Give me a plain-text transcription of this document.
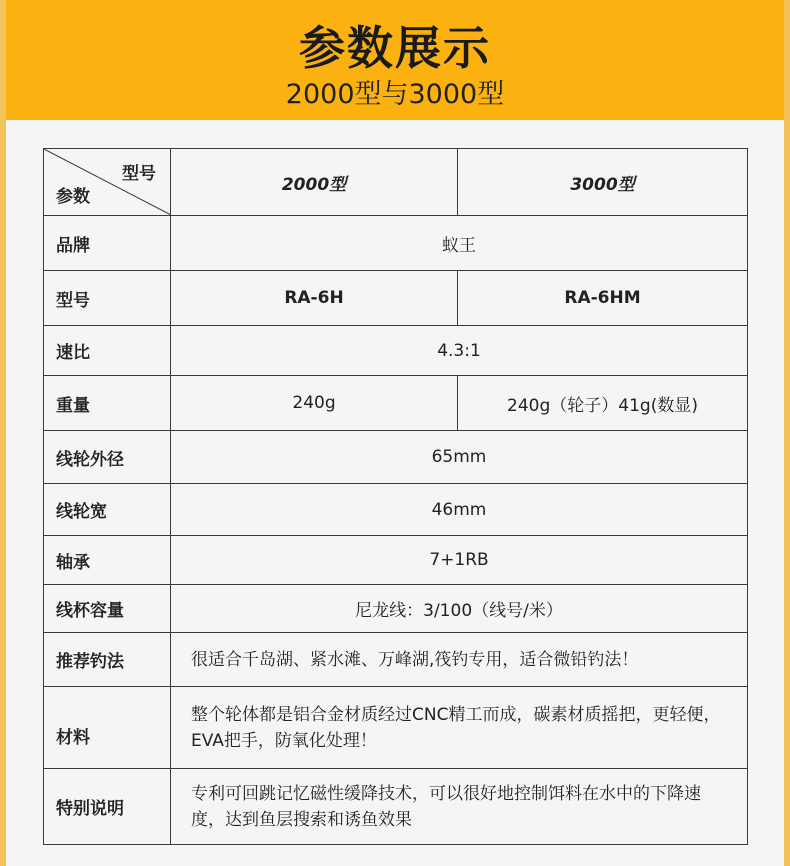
参数展示
2000型与3000型
型号
参数	2000型	3000型
品牌	蚁王	
型号	RA-6H	RA-6HM
速比	4.3:1	
重量	240g	240g（轮子）41g(数显)
线轮外径	65mm	
线轮宽	46mm	
轴承	7+1RB	
线杯容量	尼龙线：3/100（线号/米）	
推荐钓法	很适合千岛湖、紧水滩、万峰湖,筏钓专用，适合微铅钓法！	
材料	整个轮体都是铝合金材质经过CNC精工而成，碳素材质摇把，更轻便，EVA把手，防氧化处理！	
特别说明	专利可回跳记忆磁性缓降技术，可以很好地控制饵料在水中的下降速度，达到鱼层搜索和诱鱼效果	
